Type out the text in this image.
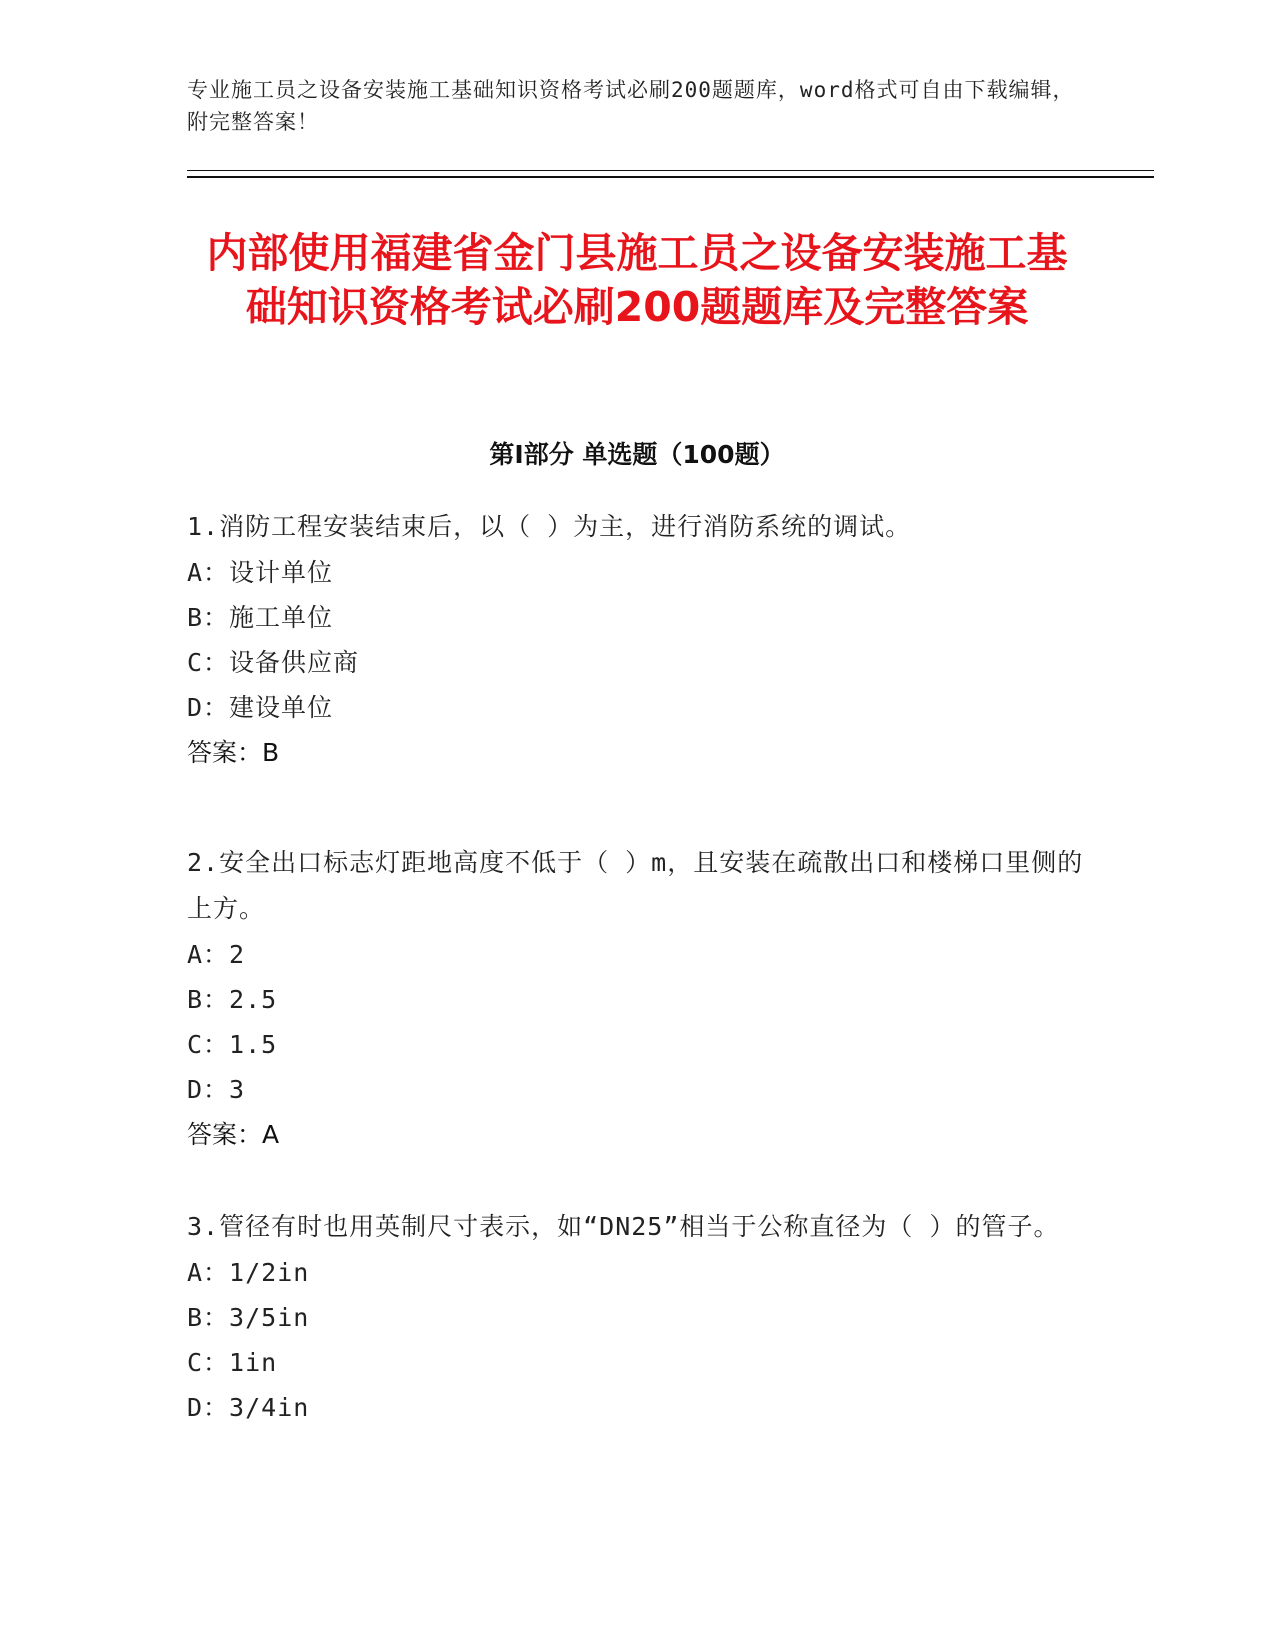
专业施工员之设备安装施工基础知识资格考试必刷200题题库，word格式可自由下载编辑，附完整答案！
内部使用福建省金门县施工员之设备安装施工基础知识资格考试必刷200题题库及完整答案
第Ⅰ部分 单选题（100题）
1.消防工程安装结束后，以（ ）为主，进行消防系统的调试。
A：设计单位
B：施工单位
C：设备供应商
D：建设单位
答案：B
2.安全出口标志灯距地高度不低于（ ）m，且安装在疏散出口和楼梯口里侧的上方。
A：2
B：2.5
C：1.5
D：3
答案：A
3.管径有时也用英制尺寸表示，如“DN25”相当于公称直径为（ ）的管子。
A：1/2in
B：3/5in
C：1in
D：3/4in
